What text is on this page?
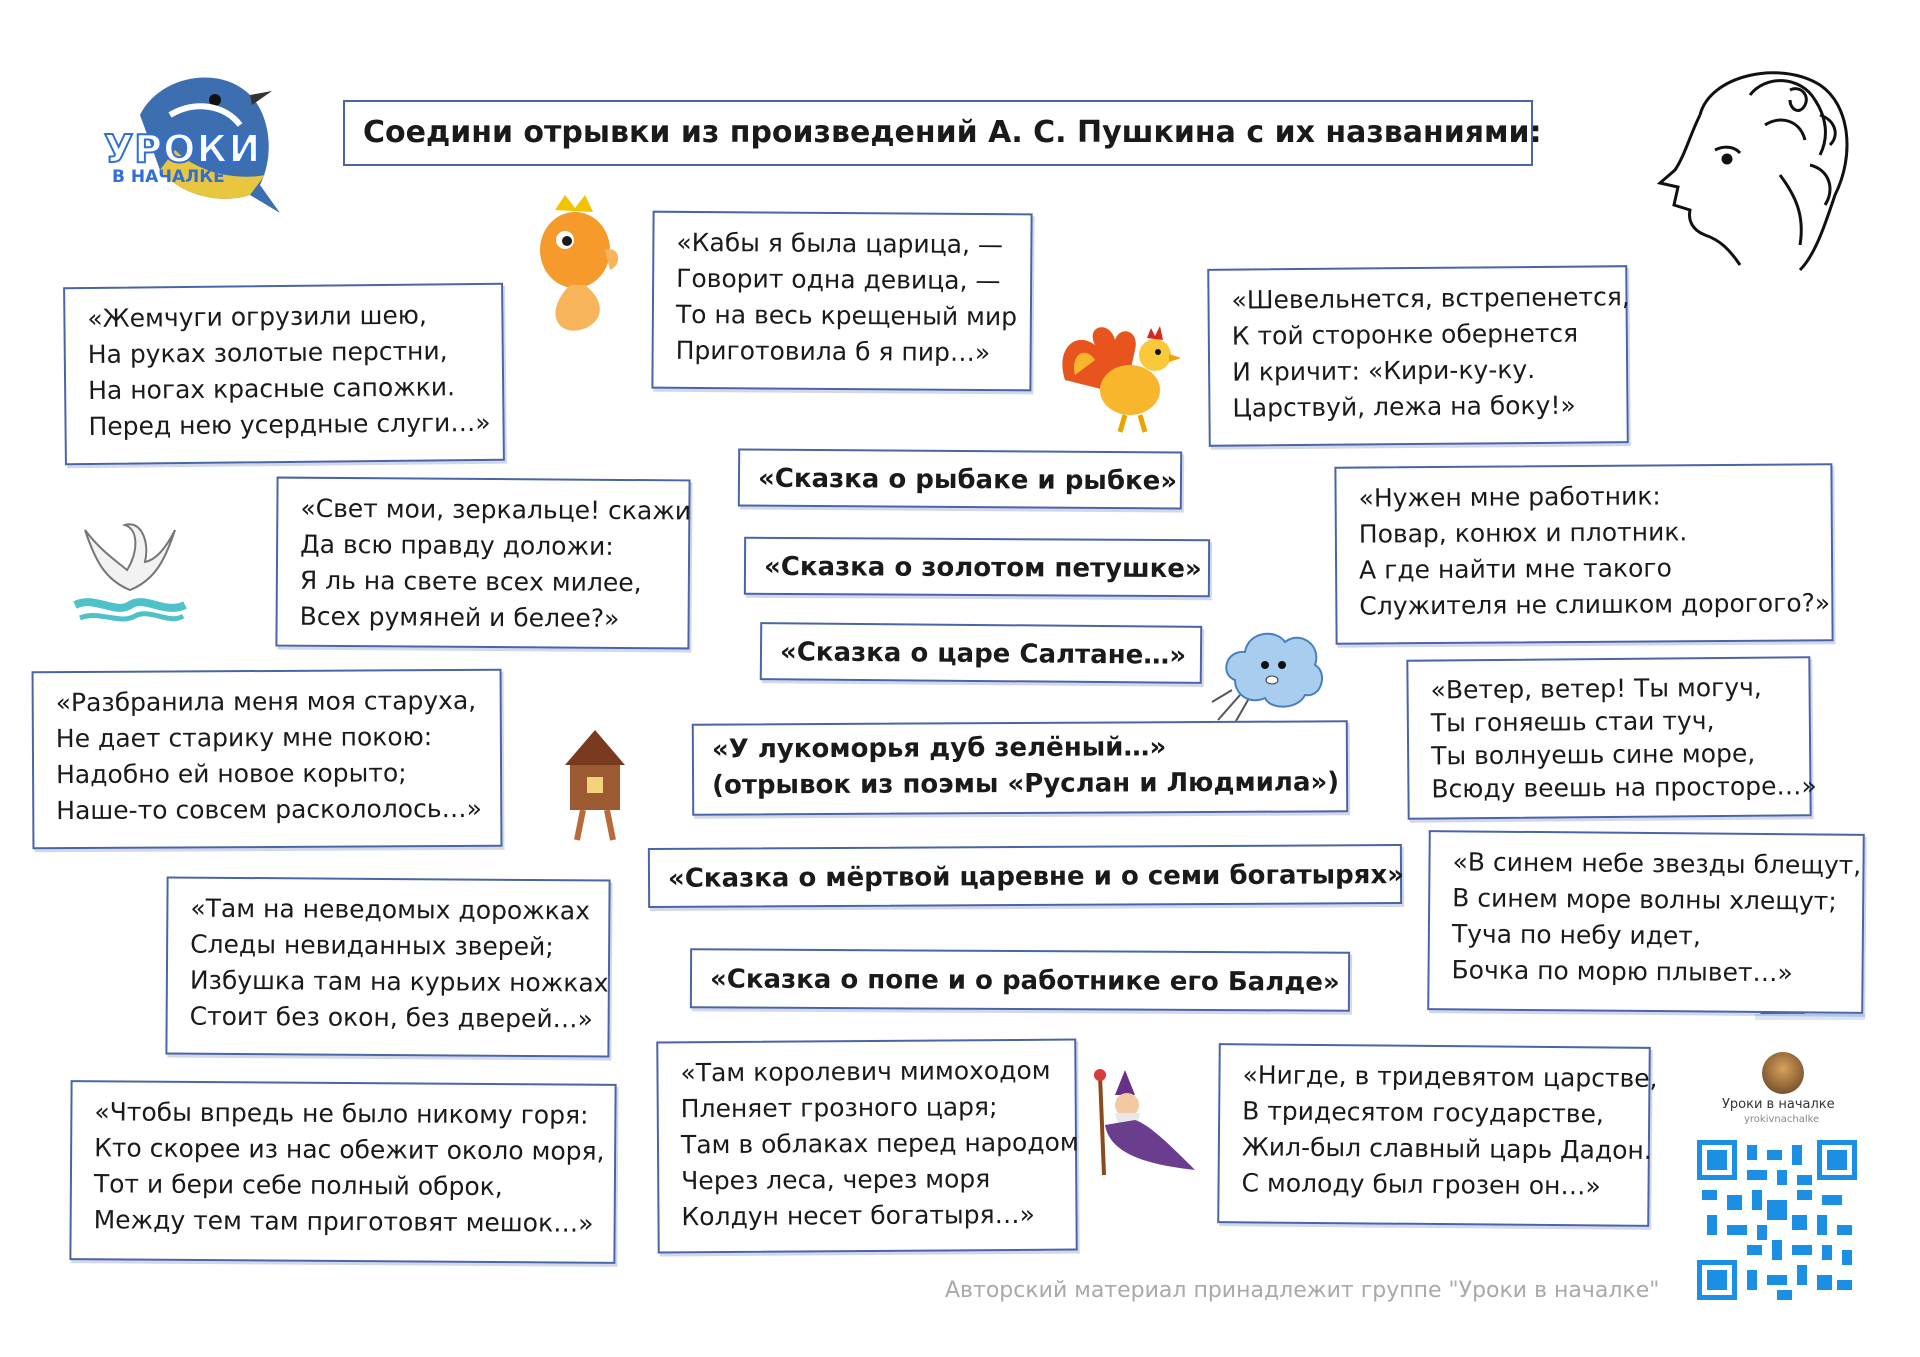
УРОКИ
В НАЧАЛКЕ
Соедини отрывки из произведений А. С. Пушкина с их названиями:
Уроки в началке
yrokivnachalke
«Жемчуги огрузили шею,
На руках золотые перстни,
На ногах красные сапожки.
Перед нею усердные слуги…»
«Кабы я была царица, —
Говорит одна девица, —
То на весь крещеный мир
Приготовила б я пир…»
«Шевельнется, встрепенется,
К той сторонке обернется
И кричит: «Кири-ку-ку.
Царствуй, лежа на боку!»
«Свет мои, зеркальце! скажи
Да всю правду доложи:
Я ль на свете всех милее,
Всех румяней и белее?»
«Нужен мне работник:
Повар, конюх и плотник.
А где найти мне такого
Служителя не слишком дорогого?»
«Разбранила меня моя старуха,
Не дает старику мне покою:
Надобно ей новое корыто;
Наше-то совсем раскололось…»
«Ветер, ветер! Ты могуч,
Ты гоняешь стаи туч,
Ты волнуешь сине море,
Всюду веешь на просторе…»
«В синем небе звезды блещут,
В синем море волны хлещут;
Туча по небу идет,
Бочка по морю плывет…»
«Там на неведомых дорожках
Следы невиданных зверей;
Избушка там на курьих ножках
Стоит без окон, без дверей…»
«Там королевич мимоходом
Пленяет грозного царя;
Там в облаках перед народом
Через леса, через моря
Колдун несет богатыря…»
«Нигде, в тридевятом царстве,
В тридесятом государстве,
Жил-был славный царь Дадон.
С молоду был грозен он…»
«Чтобы впредь не было никому горя:
Кто скорее из нас обежит около моря,
Тот и бери себе полный оброк,
Между тем там приготовят мешок…»
«Сказка о рыбаке и рыбке»
«Сказка о золотом петушке»
«Сказка о царе Салтане…»
«У лукоморья дуб зелёный…»
(отрывок из поэмы «Руслан и Людмила»)
«Сказка о мёртвой царевне и о семи богатырях»
«Сказка о попе и о работнике его Балде»
Авторский материал принадлежит группе "Уроки в началке"
